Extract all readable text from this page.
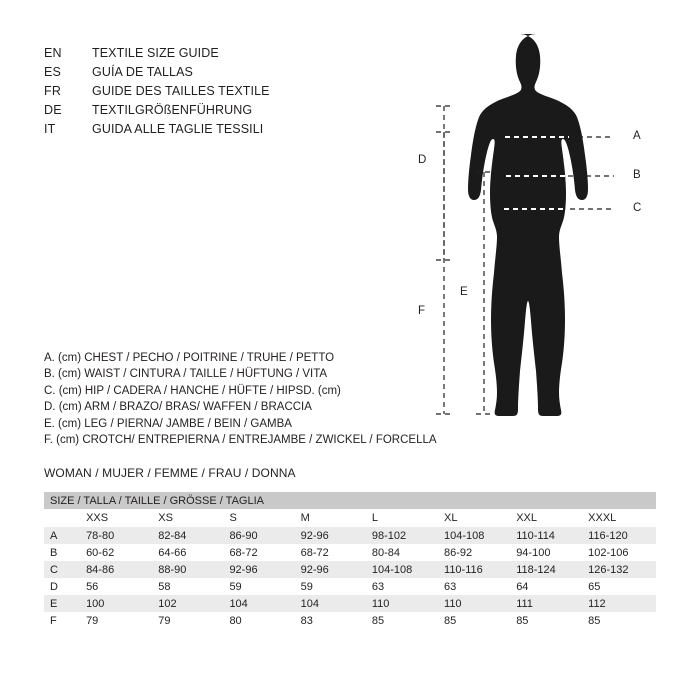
EN	TEXTILE SIZE GUIDE
ES	GUÍA DE TALLAS
FR	GUIDE DES TAILLES TEXTILE
DE	TEXTILGRÖßENFÜHRUNG
IT	GUIDA ALLE TAGLIE TESSILI
A. (cm) CHEST / PECHO / POITRINE / TRUHE / PETTO
B. (cm) WAIST / CINTURA / TAILLE / HÜFTUNG / VITA
C. (cm) HIP / CADERA / HANCHE / HÜFTE / HIPSD. (cm)
D. (cm) ARM / BRAZO/ BRAS/ WAFFEN / BRACCIA
E. (cm) LEG / PIERNA/ JAMBE / BEIN / GAMBA
F. (cm) CROTCH/ ENTREPIERNA / ENTREJAMBE / ZWICKEL / FORCELLA
WOMAN / MUJER / FEMME / FRAU / DONNA
A
B
C
D
E
F
SIZE / TALLA / TAILLE / GRÖSSE / TAGLIA								
	XXS	XS	S	M	L	XL	XXL	XXXL
A	78-80	82-84	86-90	92-96	98-102	104-108	110-114	116-120
B	60-62	64-66	68-72	68-72	80-84	86-92	94-100	102-106
C	84-86	88-90	92-96	92-96	104-108	110-116	118-124	126-132
D	56	58	59	59	63	63	64	65
E	100	102	104	104	110	110	111	112
F	79	79	80	83	85	85	85	85
